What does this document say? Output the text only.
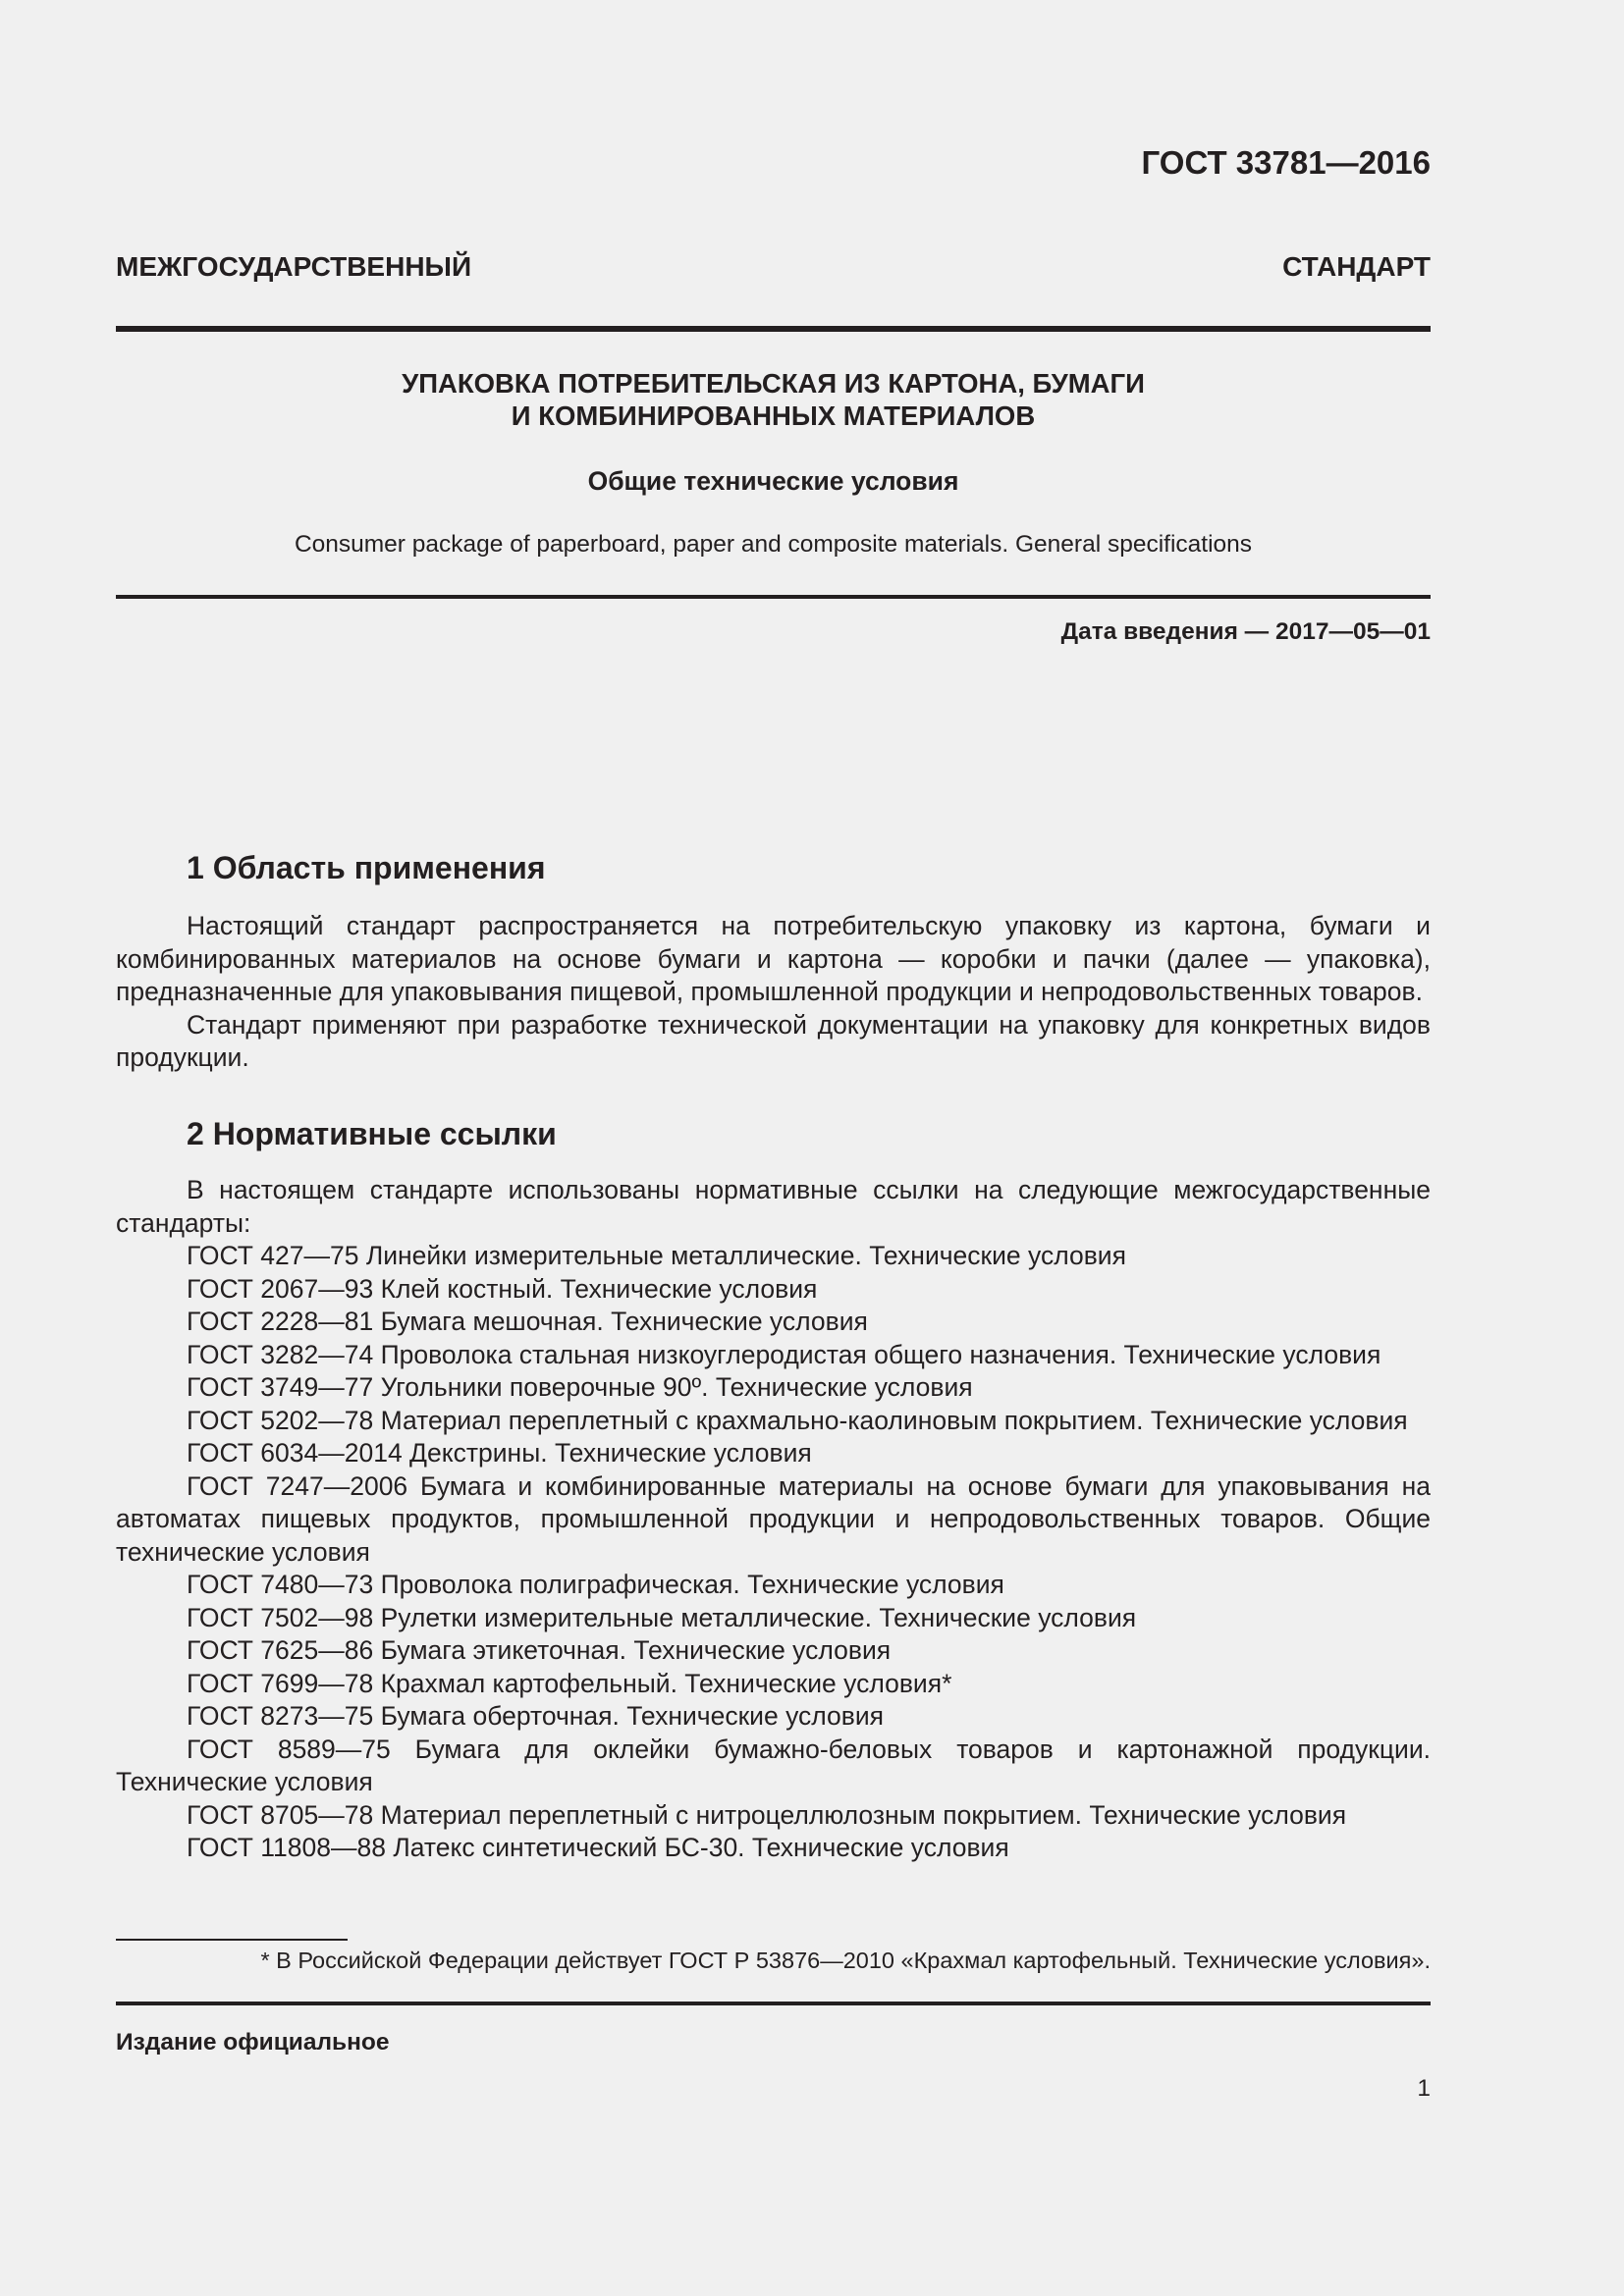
ГОСТ 33781—2016
МЕЖГОСУДАРСТВЕННЫЙ СТАНДАРТ
УПАКОВКА ПОТРЕБИТЕЛЬСКАЯ ИЗ КАРТОНА, БУМАГИ
И КОМБИНИРОВАННЫХ МАТЕРИАЛОВ
Общие технические условия
Consumer package of paperboard, paper and composite materials. General specifications
Дата введения — 2017—05—01
1 Область применения

Настоящий стандарт распространяется на потребительскую упаковку из картона, бумаги и комбинированных материалов на основе бумаги и картона — коробки и пачки (далее — упаковка), предназначенные для упаковывания пищевой, промышленной продукции и непродовольственных товаров.

Стандарт применяют при разработке технической документации на упаковку для конкретных видов продукции.

2 Нормативные ссылки

В настоящем стандарте использованы нормативные ссылки на следующие межгосударственные стандарты:

ГОСТ 427—75 Линейки измерительные металлические. Технические условия

ГОСТ 2067—93 Клей костный. Технические условия

ГОСТ 2228—81 Бумага мешочная. Технические условия

ГОСТ 3282—74 Проволока стальная низкоуглеродистая общего назначения. Технические условия

ГОСТ 3749—77 Угольники поверочные 90º. Технические условия

ГОСТ 5202—78 Материал переплетный с крахмально-каолиновым покрытием. Технические условия

ГОСТ 6034—2014 Декстрины. Технические условия

ГОСТ 7247—2006 Бумага и комбинированные материалы на основе бумаги для упаковывания на автоматах пищевых продуктов, промышленной продукции и непродовольственных товаров. Общие технические условия

ГОСТ 7480—73 Проволока полиграфическая. Технические условия

ГОСТ 7502—98 Рулетки измерительные металлические. Технические условия

ГОСТ 7625—86 Бумага этикеточная. Технические условия

ГОСТ 7699—78 Крахмал картофельный. Технические условия*

ГОСТ 8273—75 Бумага оберточная. Технические условия

ГОСТ 8589—75 Бумага для оклейки бумажно-беловых товаров и картонажной продукции. Технические условия

ГОСТ 8705—78 Материал переплетный с нитроцеллюлозным покрытием. Технические условия

ГОСТ 11808—88 Латекс синтетический БС-30. Технические условия

* В Российской Федерации действует ГОСТ Р 53876—2010 «Крахмал картофельный. Технические условия».
Издание официальное
1
